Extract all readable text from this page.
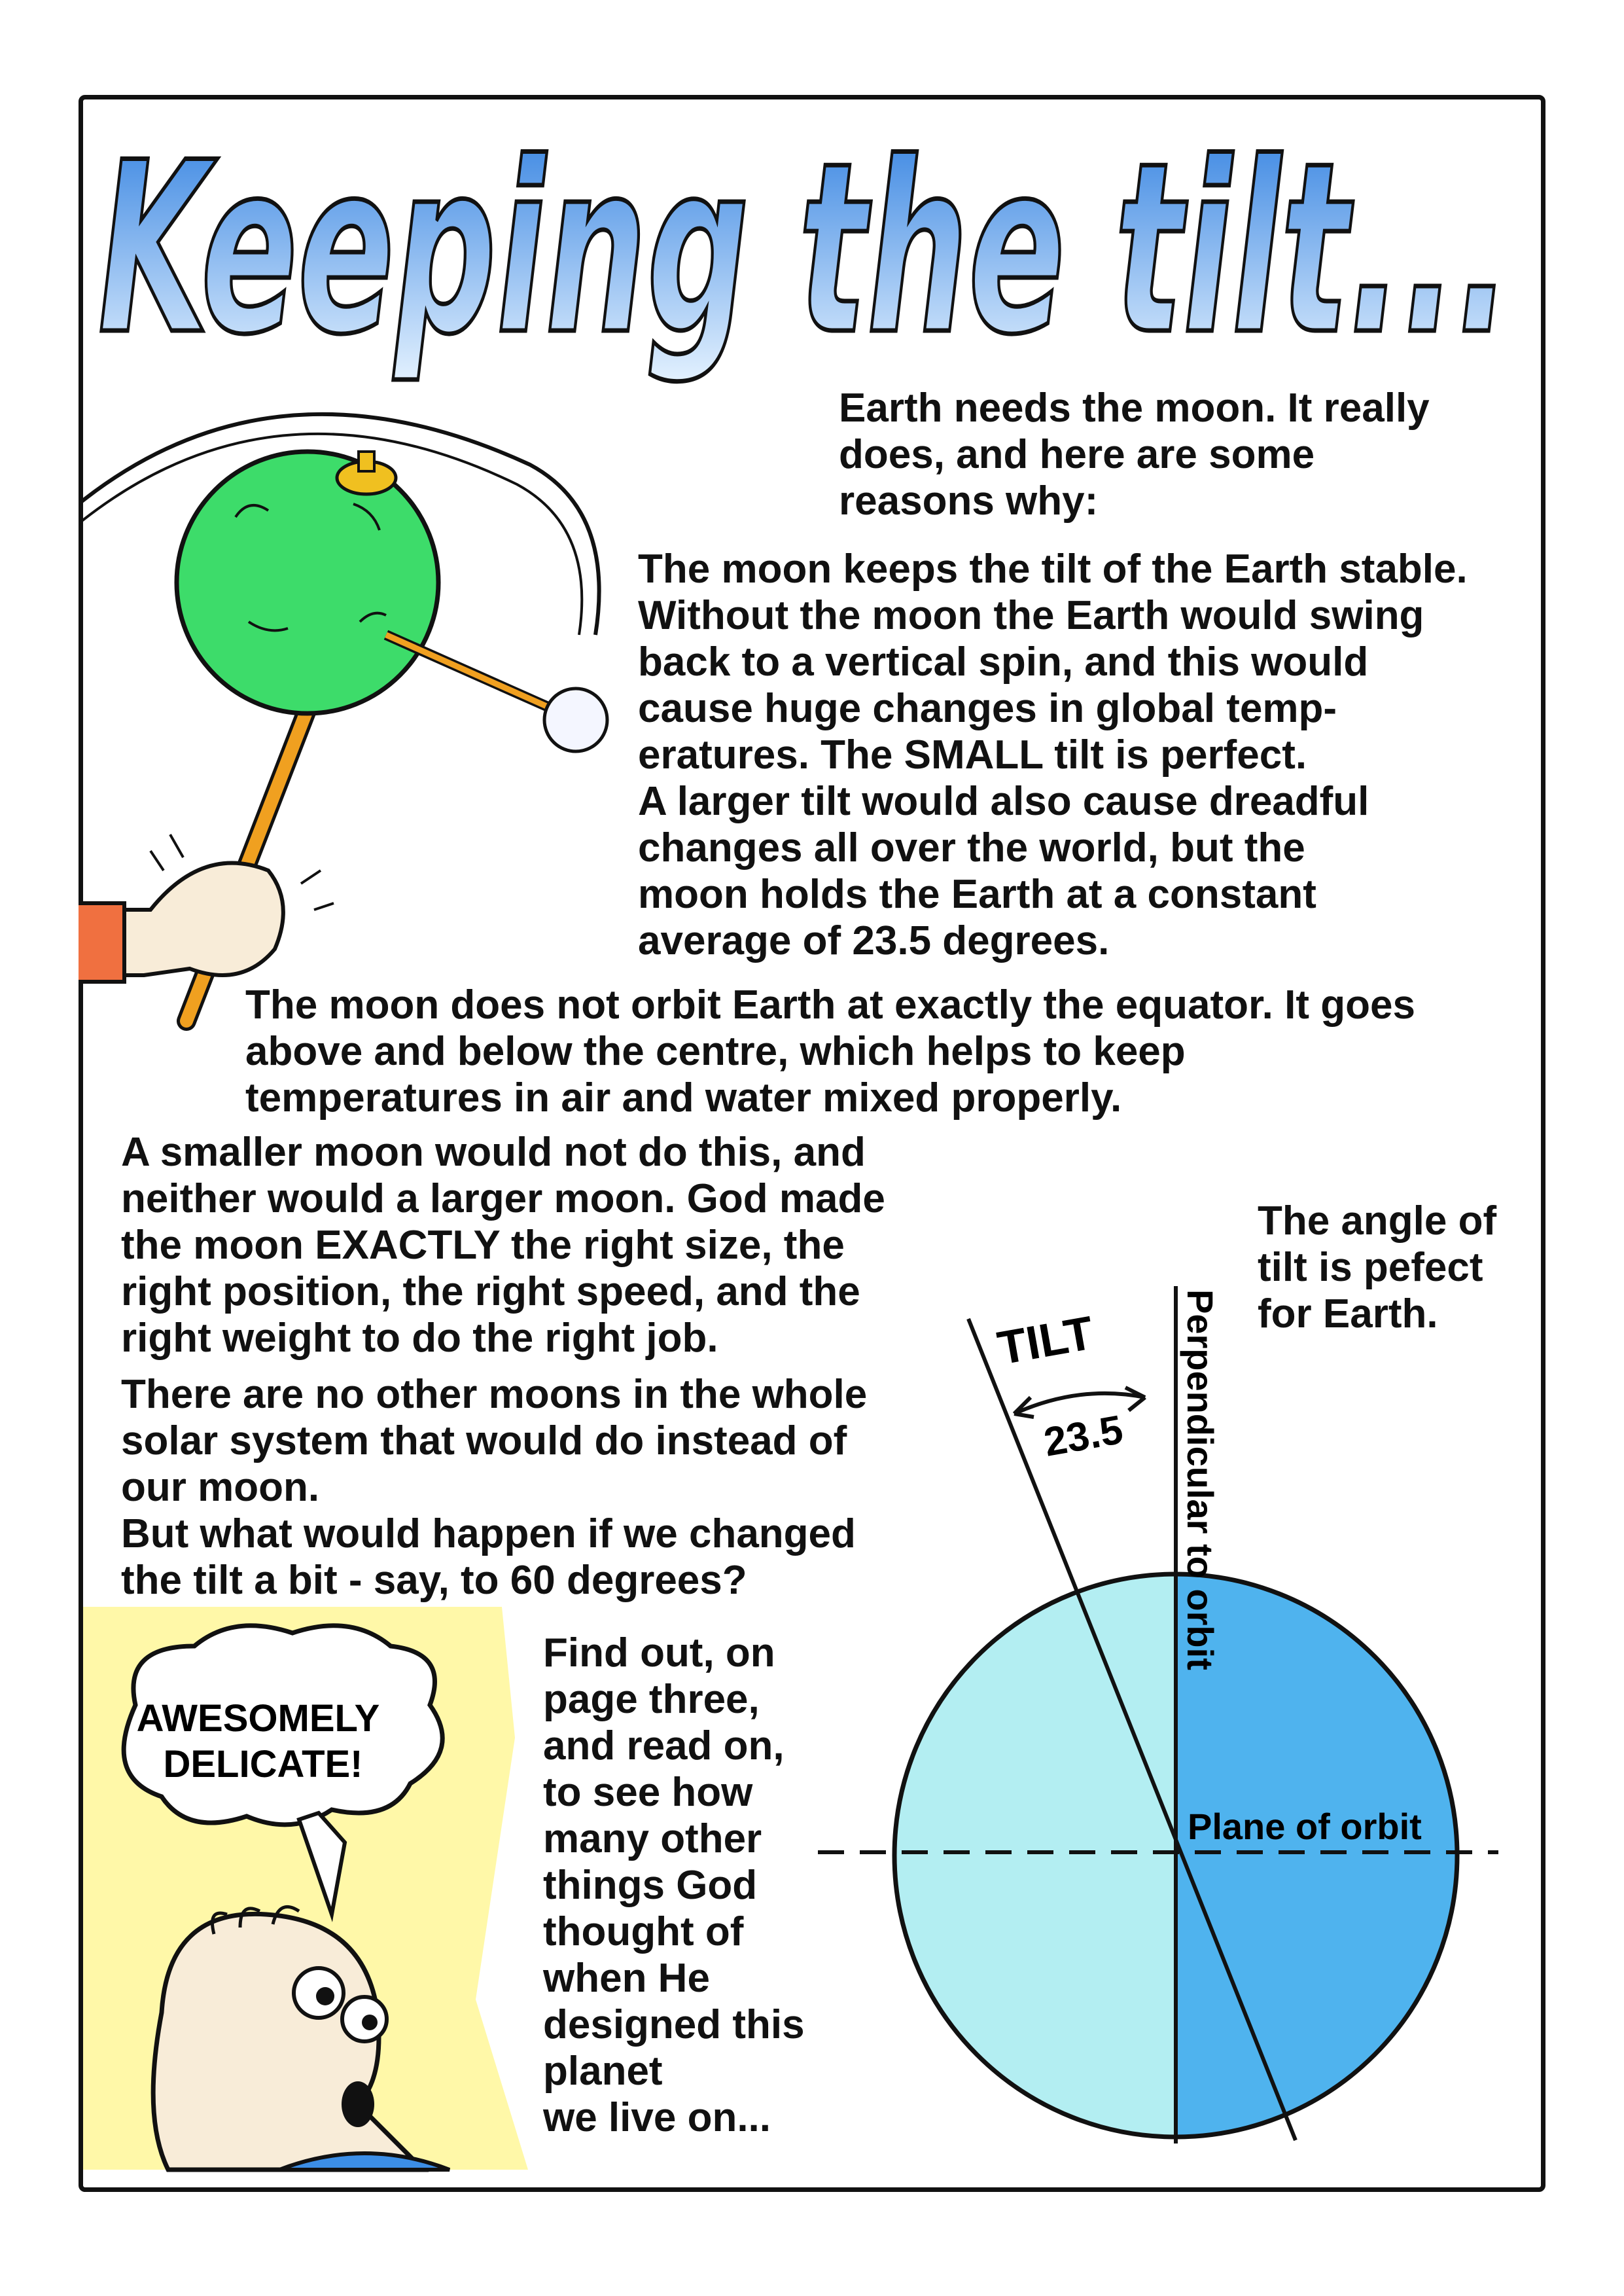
Keeping the tilt...

Earth needs the moon. It really
does, and here are some
reasons why:

The moon keeps the tilt of the Earth stable.
Without the moon the Earth would swing
back to a vertical spin, and this would
cause huge changes in global temp-
eratures. The SMALL tilt is perfect.
A larger tilt would also cause dreadful
changes all over the world, but the
moon holds the Earth at a constant
average of 23.5 degrees.

The moon does not orbit Earth at exactly the equator. It goes
above and below the centre, which helps to keep
temperatures in air and water mixed properly.

A smaller moon would not do this, and
neither would a larger moon. God made
the moon EXACTLY the right size, the
right position, the right speed, and the
right weight to do the right job.

There are no other moons in the whole
solar system that would do instead of
our moon.
But what would happen if we changed
the tilt a bit - say, to 60 degrees?

The angle of
tilt is pefect
for Earth.

Find out, on
page three,
and read on,
to see how
many other
things God
thought of
when He
designed this
planet
we live on...

AWESOMELY DELICATE!
TILT
23.5 Perpendicular to orbit
Plane of orbit
